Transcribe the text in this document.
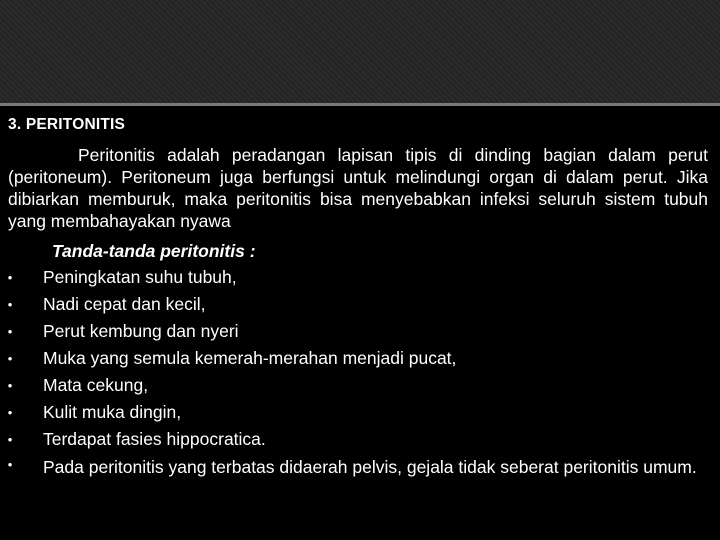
3. PERITONITIS

Peritonitis adalah peradangan lapisan tipis di dinding bagian dalam perut (peritoneum). Peritoneum juga berfungsi untuk melindungi organ di dalam perut. Jika dibiarkan memburuk, maka peritonitis bisa menyebabkan infeksi seluruh sistem tubuh yang membahayakan nyawa

Tanda-tanda peritonitis :
• Peningkatan suhu tubuh,
• Nadi cepat dan kecil,
• Perut kembung dan nyeri
• Muka yang semula kemerah-merahan menjadi pucat,
• Mata cekung,
• Kulit muka dingin,
• Terdapat fasies hippocratica.
• Pada peritonitis yang terbatas didaerah pelvis, gejala tidak seberat peritonitis umum.
